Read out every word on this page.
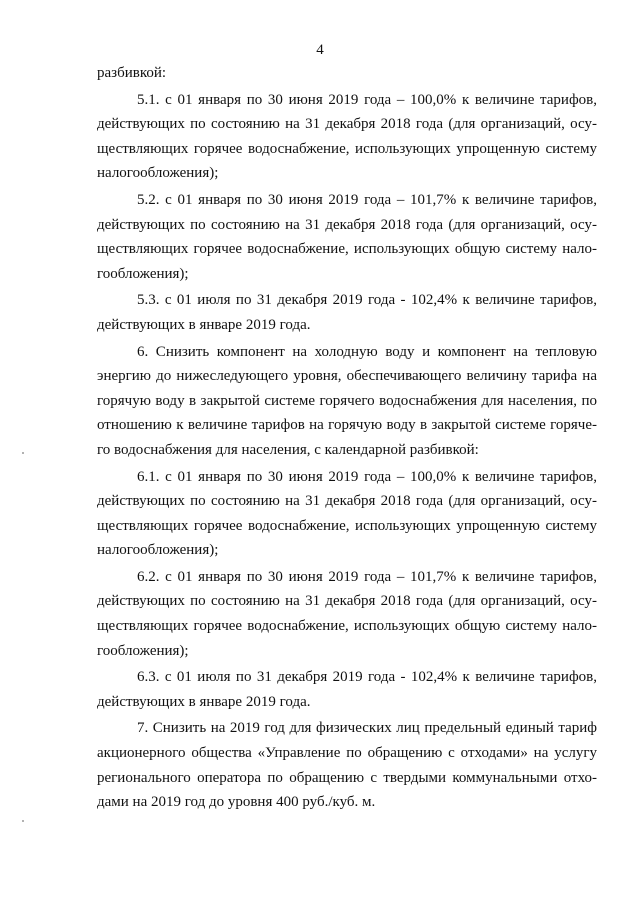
4
разбивкой:
5.1. с 01 января по 30 июня 2019 года – 100,0% к величине тарифов,
действующих по состоянию на 31 декабря 2018 года (для организаций, осу-
ществляющих горячее водоснабжение, использующих упрощенную систему
налогообложения);
5.2. с 01 января по 30 июня 2019 года – 101,7% к величине тарифов,
действующих по состоянию на 31 декабря 2018 года (для организаций, осу-
ществляющих горячее водоснабжение, использующих общую систему нало-
гообложения);
5.3. с 01 июля по 31 декабря 2019 года - 102,4% к величине тарифов,
действующих в январе 2019 года.
6. Снизить компонент на холодную воду и компонент на тепловую
энергию до нижеследующего уровня, обеспечивающего величину тарифа на
горячую воду в закрытой системе горячего водоснабжения для населения, по
отношению к величине тарифов на горячую воду в закрытой системе горяче-
го водоснабжения для населения, с календарной разбивкой:
6.1. с 01 января по 30 июня 2019 года – 100,0% к величине тарифов,
действующих по состоянию на 31 декабря 2018 года (для организаций, осу-
ществляющих горячее водоснабжение, использующих упрощенную систему
налогообложения);
6.2. с 01 января по 30 июня 2019 года – 101,7% к величине тарифов,
действующих по состоянию на 31 декабря 2018 года (для организаций, осу-
ществляющих горячее водоснабжение, использующих общую систему нало-
гообложения);
6.3. с 01 июля по 31 декабря 2019 года - 102,4% к величине тарифов,
действующих в январе 2019 года.
7. Снизить на 2019 год для физических лиц предельный единый тариф
акционерного общества «Управление по обращению с отходами» на услугу
регионального оператора по обращению с твердыми коммунальными отхо-
дами на 2019 год до уровня 400 руб./куб. м.
